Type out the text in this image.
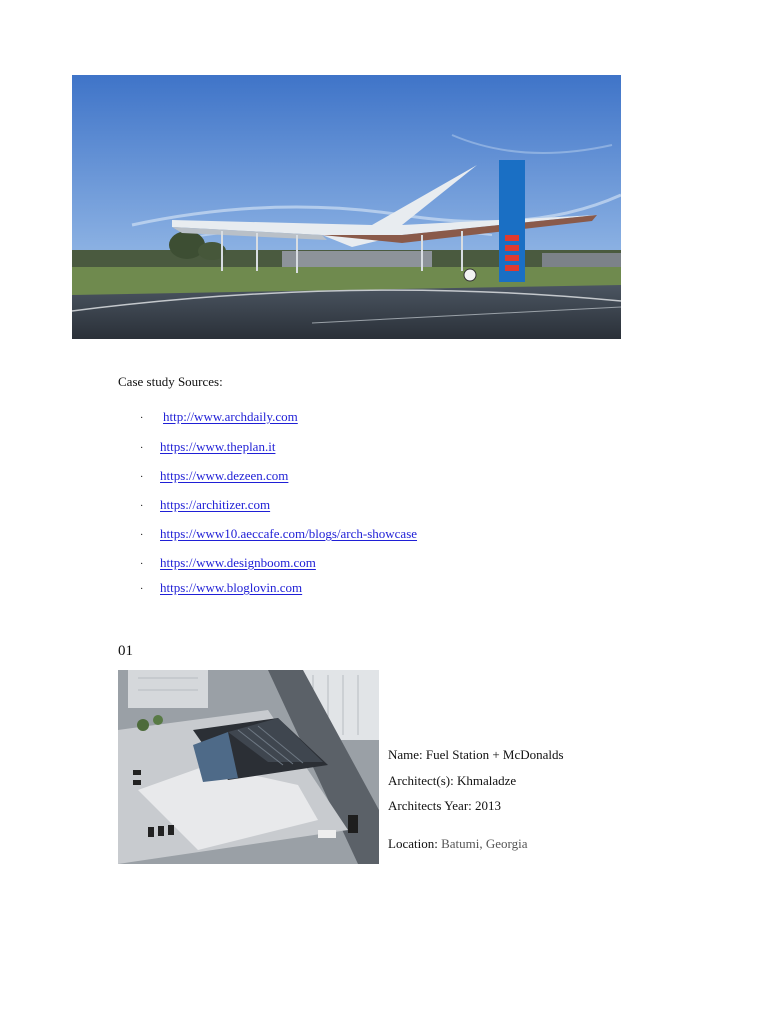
Case study Sources:
·	http://www.archdaily.com
·	https://www.theplan.it
·	https://www.dezeen.com
·	https://architizer.com
·	https://www10.aeccafe.com/blogs/arch-showcase
·	https://www.designboom.com
·	https://www.bloglovin.com
01
Name: Fuel Station + McDonalds
Architect(s): Khmaladze
Architects Year: 2013
Location: Batumi, Georgia
